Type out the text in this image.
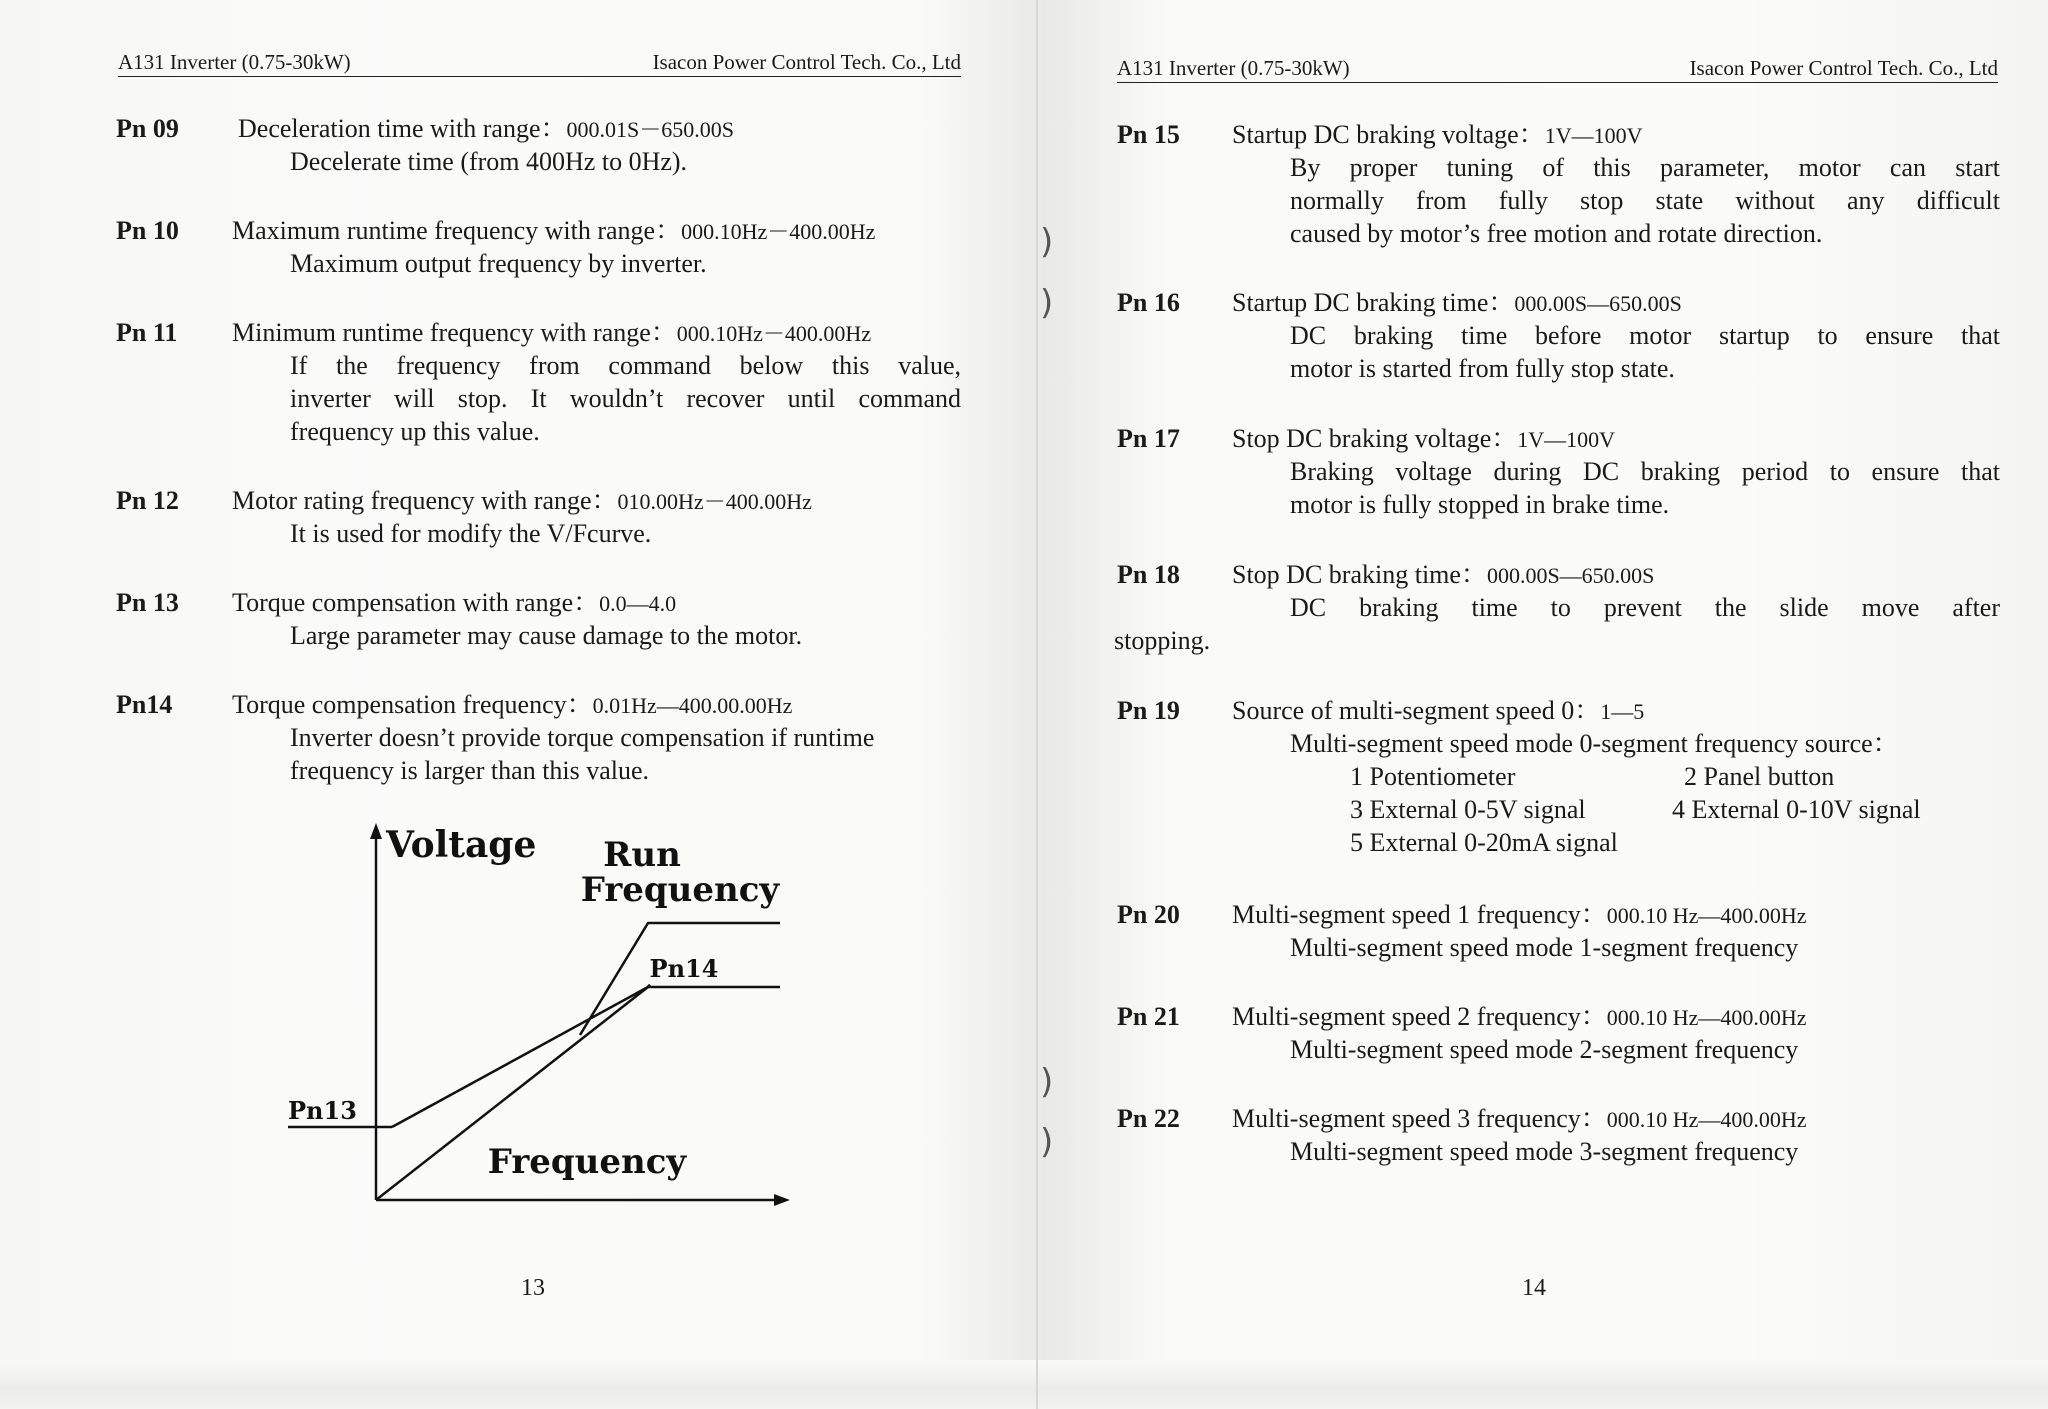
)
)
)
)
A131 Inverter (0.75-30kW)	Isacon Power Control Tech. Co., Ltd
Pn 09 Deceleration time with range：000.01S－650.00S
Decelerate time (from 400Hz to 0Hz).
Pn 10 Maximum runtime frequency with range：000.10Hz－400.00Hz
Maximum output frequency by inverter.
Pn 11 Minimum runtime frequency with range：000.10Hz－400.00Hz
If the frequency from command below this value,
inverter will stop. It wouldn’t recover until command
frequency up this value.
Pn 12 Motor rating frequency with range：010.00Hz－400.00Hz
It is used for modify the V/Fcurve.
Pn 13 Torque compensation with range：0.0—4.0
Large parameter may cause damage to the motor.
Pn14 Torque compensation frequency：0.01Hz—400.00.00Hz
Inverter doesn’t provide torque compensation if runtime
frequency is larger than this value.
Voltage Run
Frequency
Pn14
Pn13
Frequency
13
A131 Inverter (0.75-30kW)	Isacon Power Control Tech. Co., Ltd
Pn 15 Startup DC braking voltage：1V—100V
By proper tuning of this parameter, motor can start
normally from fully stop state without any difficult
caused by motor’s free motion and rotate direction.
Pn 16 Startup DC braking time：000.00S—650.00S
DC braking time before motor startup to ensure that
motor is started from fully stop state.
Pn 17 Stop DC braking voltage：1V—100V
Braking voltage during DC braking period to ensure that
motor is fully stopped in brake time.
Pn 18 Stop DC braking time：000.00S—650.00S
DC braking time to prevent the slide move after
stopping.
Pn 19 Source of multi-segment speed 0：1—5
Multi-segment speed mode 0-segment frequency source：
1 Potentiometer	2 Panel button
3 External 0-5V signal	4 External 0-10V signal
5 External 0-20mA signal
Pn 20 Multi-segment speed 1 frequency：000.10 Hz—400.00Hz
Multi-segment speed mode 1-segment frequency
Pn 21 Multi-segment speed 2 frequency：000.10 Hz—400.00Hz
Multi-segment speed mode 2-segment frequency
Pn 22 Multi-segment speed 3 frequency：000.10 Hz—400.00Hz
Multi-segment speed mode 3-segment frequency
14
